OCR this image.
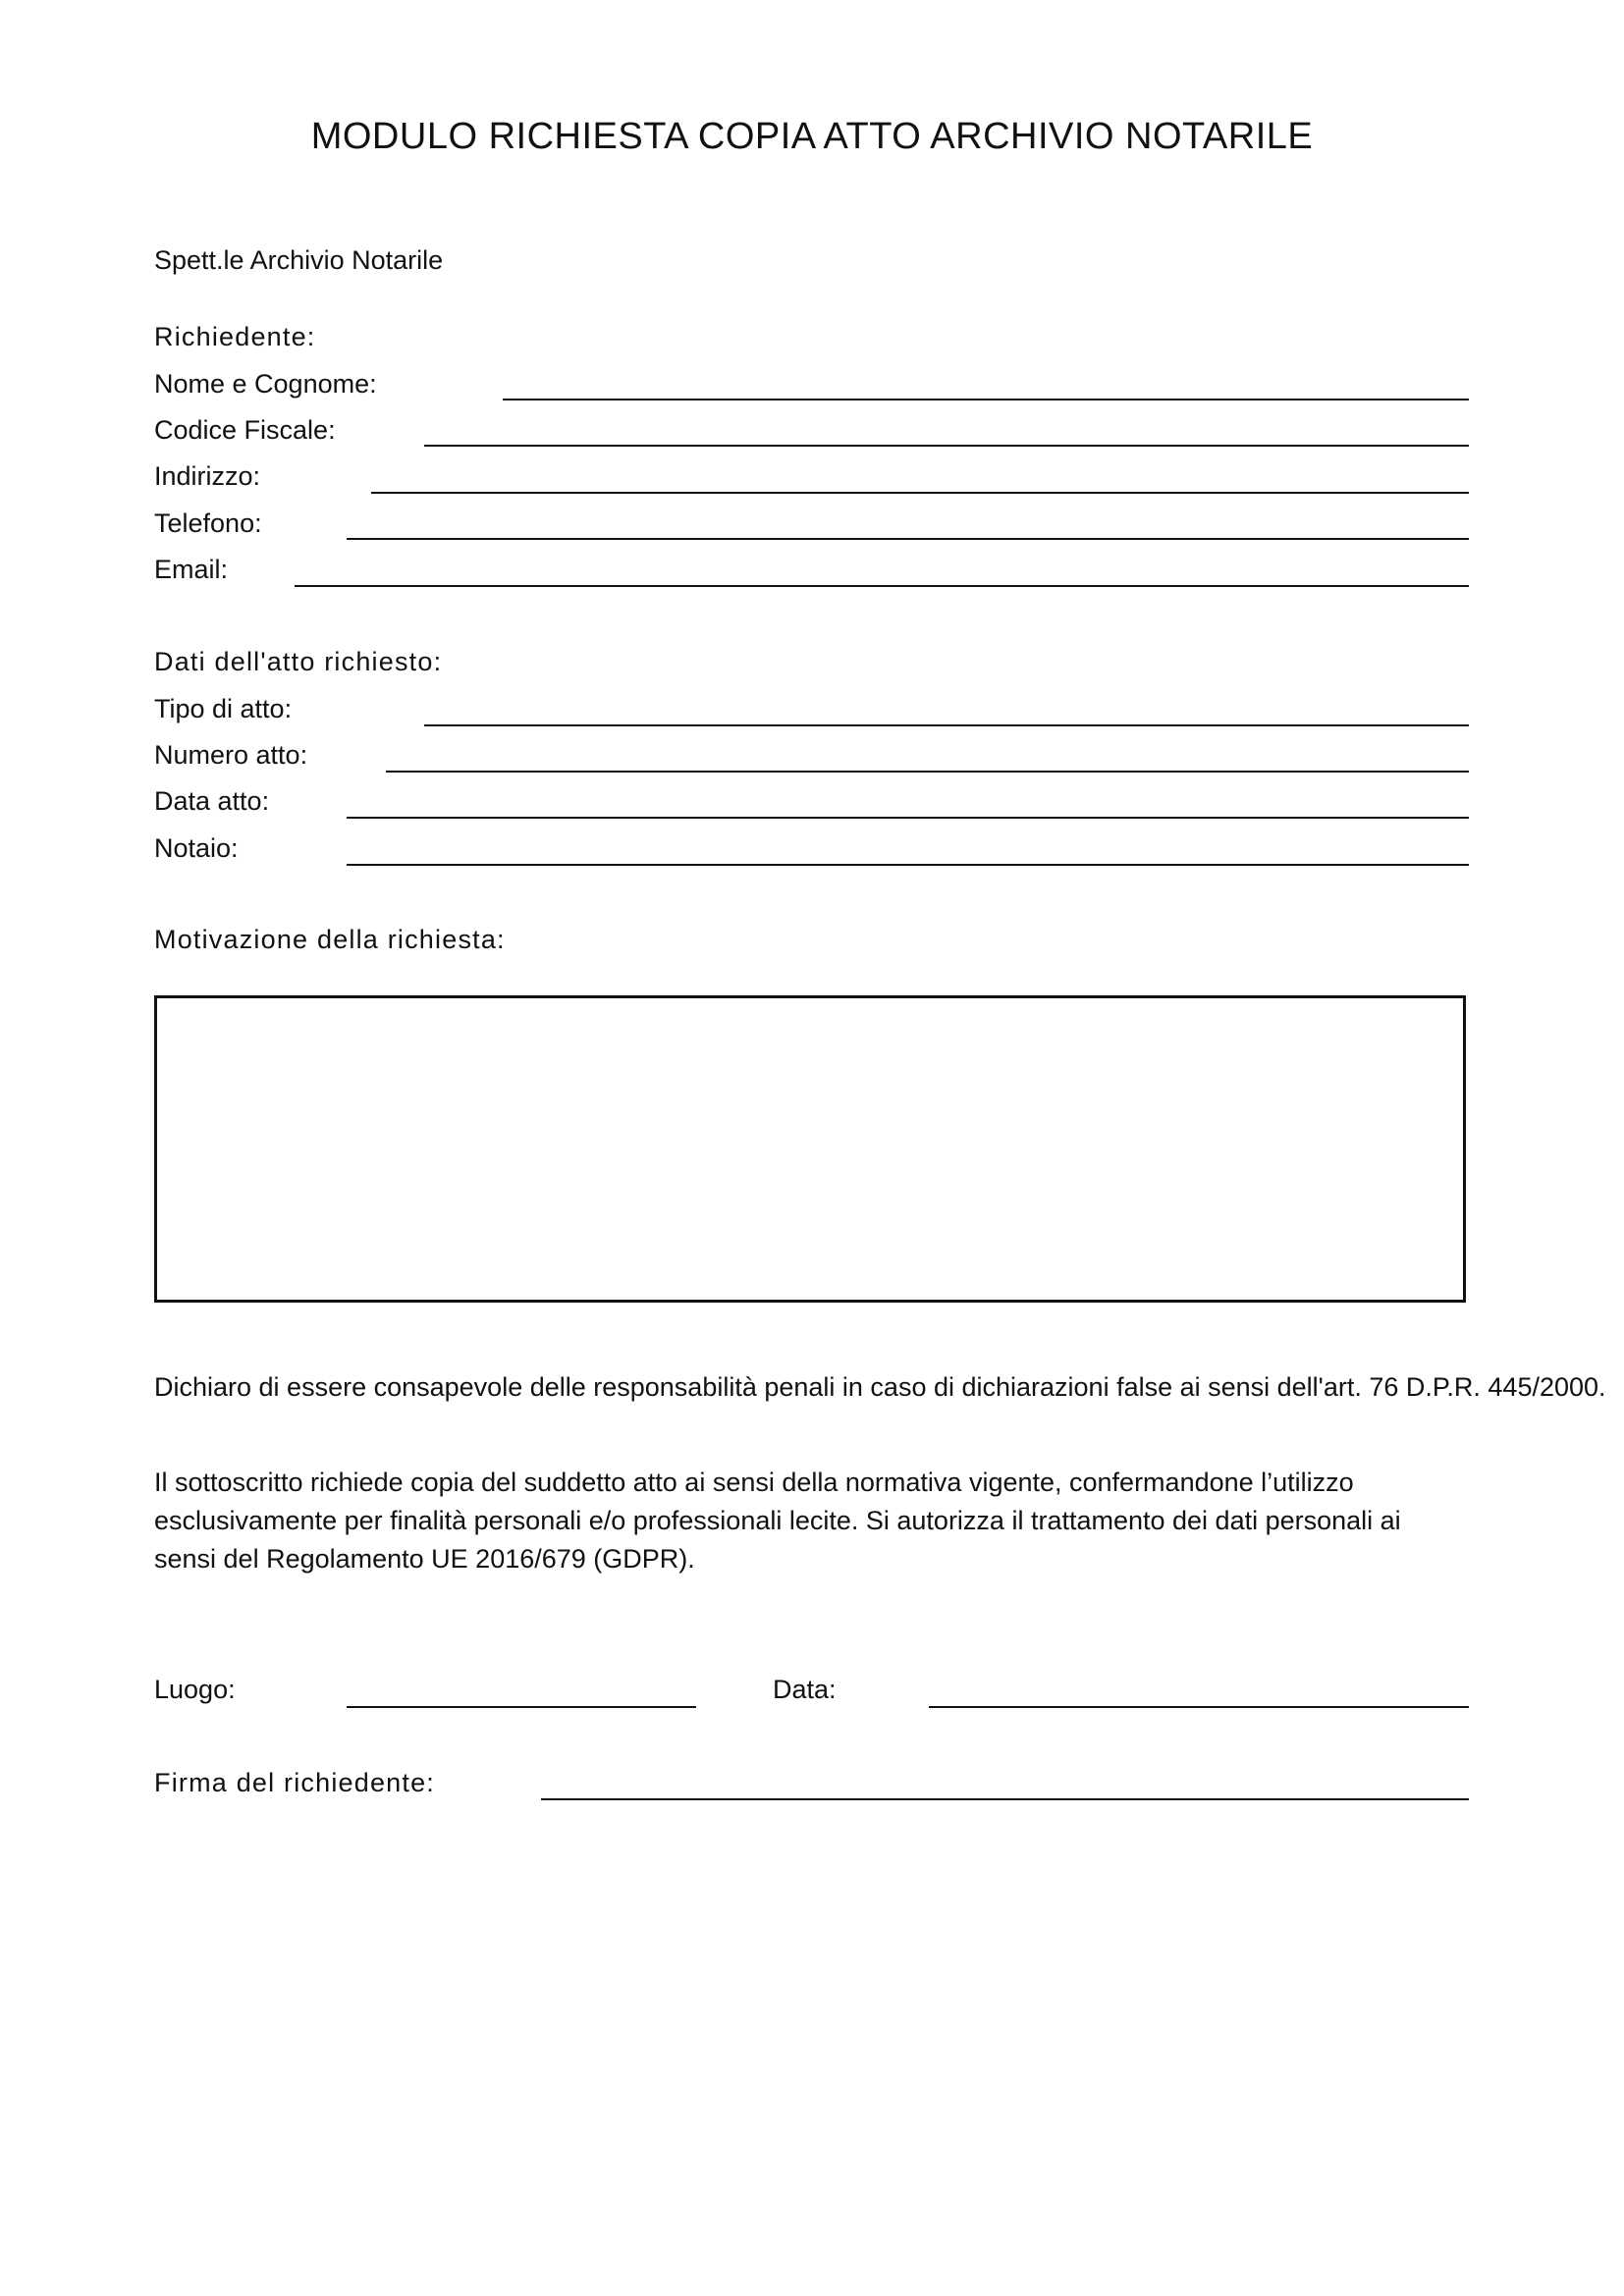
MODULO RICHIESTA COPIA ATTO ARCHIVIO NOTARILE

Spett.le Archivio Notarile

Richiedente:

Nome e Cognome:

Codice Fiscale:

Indirizzo:

Telefono:

Email:

Dati dell'atto richiesto:

Tipo di atto:

Numero atto:

Data atto:

Notaio:

Motivazione della richiesta:

Dichiaro di essere consapevole delle responsabilità penali in caso di dichiarazioni false ai sensi dell'art. 76 D.P.R. 445/2000.

Il sottoscritto richiede copia del suddetto atto ai sensi della normativa vigente, confermandone l’utilizzo esclusivamente per finalità personali e/o professionali lecite. Si autorizza il trattamento dei dati personali ai sensi del Regolamento UE 2016/679 (GDPR).

Luogo:	Data:

Firma del richiedente:
